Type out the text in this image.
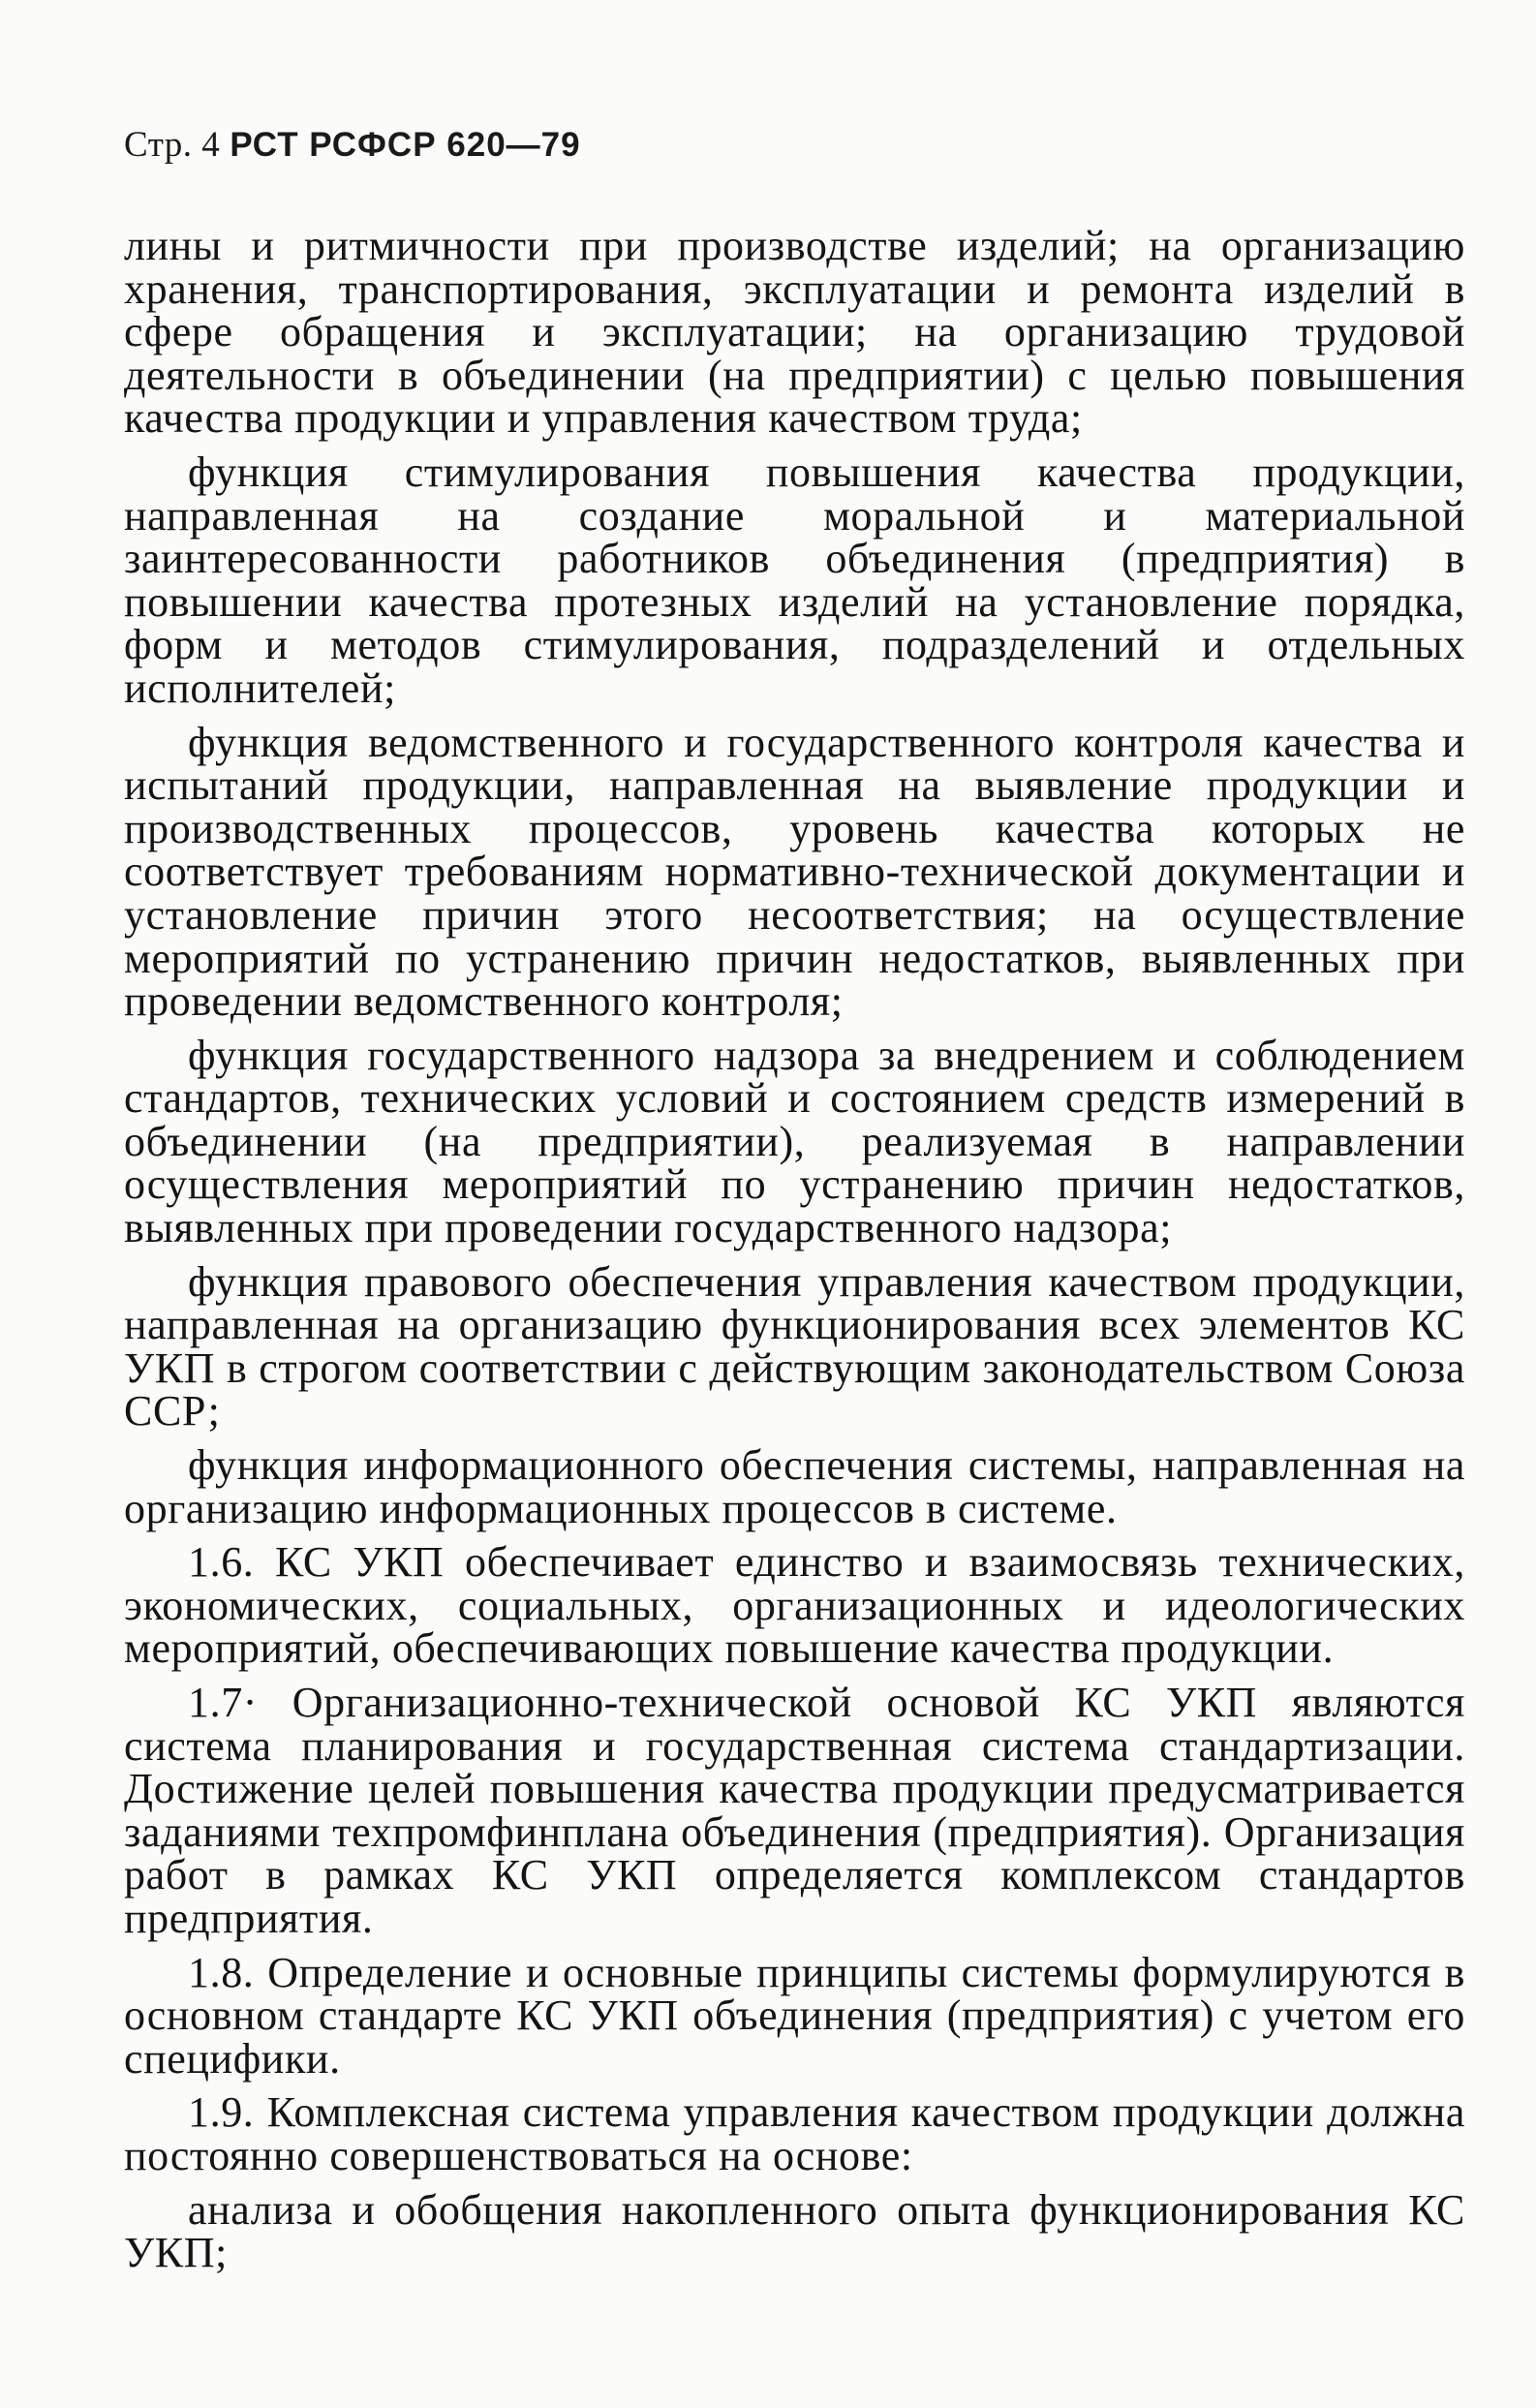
Стр. 4 РСТ РСФСР 620—79

лины и ритмичности при производстве изделий; на организацию хранения, транспортирования, эксплуатации и ремонта изделий в сфере обращения и эксплуатации; на организацию трудовой деятельности в объединении (на предприятии) с целью повышения качества продукции и управления качеством труда;

функция стимулирования повышения качества продукции, направленная на создание моральной и материальной заинтересованности работников объединения (предприятия) в повышении качества протезных изделий на установление порядка, форм и методов стимулирования, подразделений и отдельных исполнителей;

функция ведомственного и государственного контроля качества и испытаний продукции, направленная на выявление продукции и производственных процессов, уровень качества которых не соответствует требованиям нормативно-технической документации и установление причин этого несоответствия; на осуществление мероприятий по устранению причин недостатков, выявленных при проведении ведомственного контроля;

функция государственного надзора за внедрением и соблюдением стандартов, технических условий и состоянием средств измерений в объединении (на предприятии), реализуемая в направлении осуществления мероприятий по устранению причин недостатков, выявленных при проведении государственного надзора;

функция правового обеспечения управления качеством продукции, направленная на организацию функционирования всех элементов КС УКП в строгом соответствии с действующим законодательством Союза ССР;

функция информационного обеспечения системы, направленная на организацию информационных процессов в системе.

1.6. КС УКП обеспечивает единство и взаимосвязь технических, экономических, социальных, организационных и идеологических мероприятий, обеспечивающих повышение качества продукции.

1.7· Организационно-технической основой КС УКП являются система планирования и государственная система стандартизации. Достижение целей повышения качества продукции предусматривается заданиями техпромфинплана объединения (предприятия). Организация работ в рамках КС УКП определяется комплексом стандартов предприятия.

1.8. Определение и основные принципы системы формулируются в основном стандарте КС УКП объединения (предприятия) с учетом его специфики.

1.9. Комплексная система управления качеством продукции должна постоянно совершенствоваться на основе:

анализа и обобщения накопленного опыта функционирования КС УКП;
